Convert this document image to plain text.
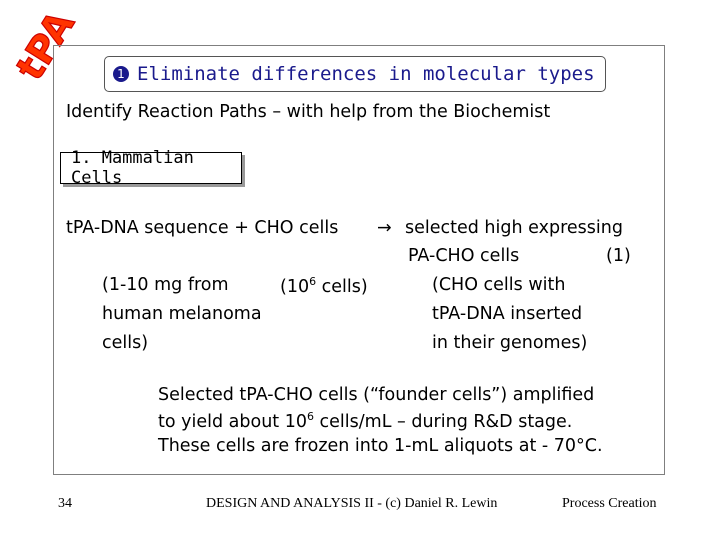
tPA	1 Eliminate differences in molecular types
Identify Reaction Paths – with help from the Biochemist
1. Mammalian Cells
tPA-DNA sequence + CHO cells → selected high expressing
PA-CHO cells	(1)
(1-10 mg from
human melanoma
cells)
($10^6$ cells)	(CHO cells with
tPA-DNA inserted
in their genomes)
Selected tPA-CHO cells (“founder cells”) amplified
to yield about $10^6$ cells/mL – during R&D stage.
These cells are frozen into 1-mL aliquots at - 70°C.
34	DESIGN AND ANALYSIS II - (c) Daniel R. Lewin	Process Creation
